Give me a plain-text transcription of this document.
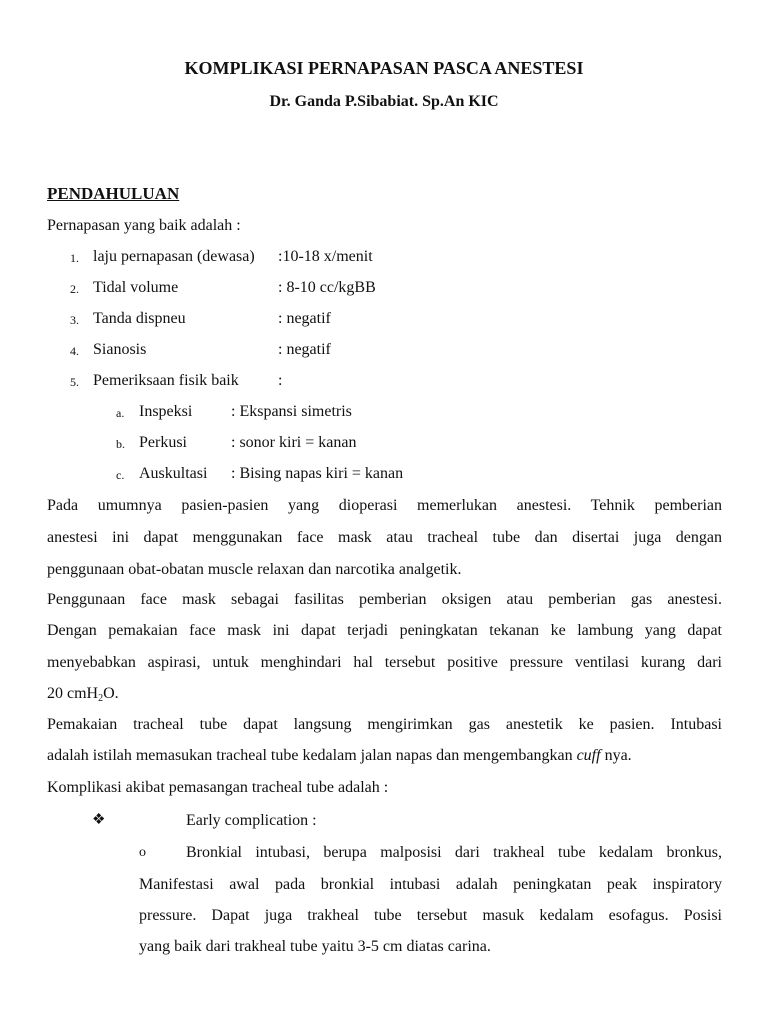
KOMPLIKASI PERNAPASAN PASCA ANESTESI
Dr. Ganda P.Sibabiat. Sp.An KIC
PENDAHULUAN
Pernapasan yang baik adalah :
1. laju pernapasan (dewasa) :10-18 x/menit
2. Tidal volume	: 8-10 cc/kgBB
3. Tanda dispneu	: negatif
4. Sianosis	: negatif
5. Pemeriksaan fisik baik :
a. Inspeksi : Ekspansi simetris
b. Perkusi	: sonor kiri = kanan
c. Auskultasi : Bising napas kiri = kanan
Pada umumnya pasien-pasien yang dioperasi memerlukan anestesi. Tehnik pemberian
anestesi ini dapat menggunakan face mask atau tracheal tube dan disertai juga dengan
penggunaan obat-obatan muscle relaxan dan narcotika analgetik.
Penggunaan face mask sebagai fasilitas pemberian oksigen atau pemberian gas anestesi.
Dengan pemakaian face mask ini dapat terjadi peningkatan tekanan ke lambung yang dapat
menyebabkan aspirasi, untuk menghindari hal tersebut positive pressure ventilasi kurang dari
20 cmH$_2$O.
Pemakaian tracheal tube dapat langsung mengirimkan gas anestetik ke pasien. Intubasi
adalah istilah memasukan tracheal tube kedalam jalan napas dan mengembangkan cuff nya.
Komplikasi akibat pemasangan tracheal tube adalah :
❖	Early complication :
o	Bronkial intubasi, berupa malposisi dari trakheal tube kedalam bronkus,
Manifestasi awal pada bronkial intubasi adalah peningkatan peak inspiratory
pressure. Dapat juga trakheal tube tersebut masuk kedalam esofagus. Posisi
yang baik dari trakheal tube yaitu 3-5 cm diatas carina.
